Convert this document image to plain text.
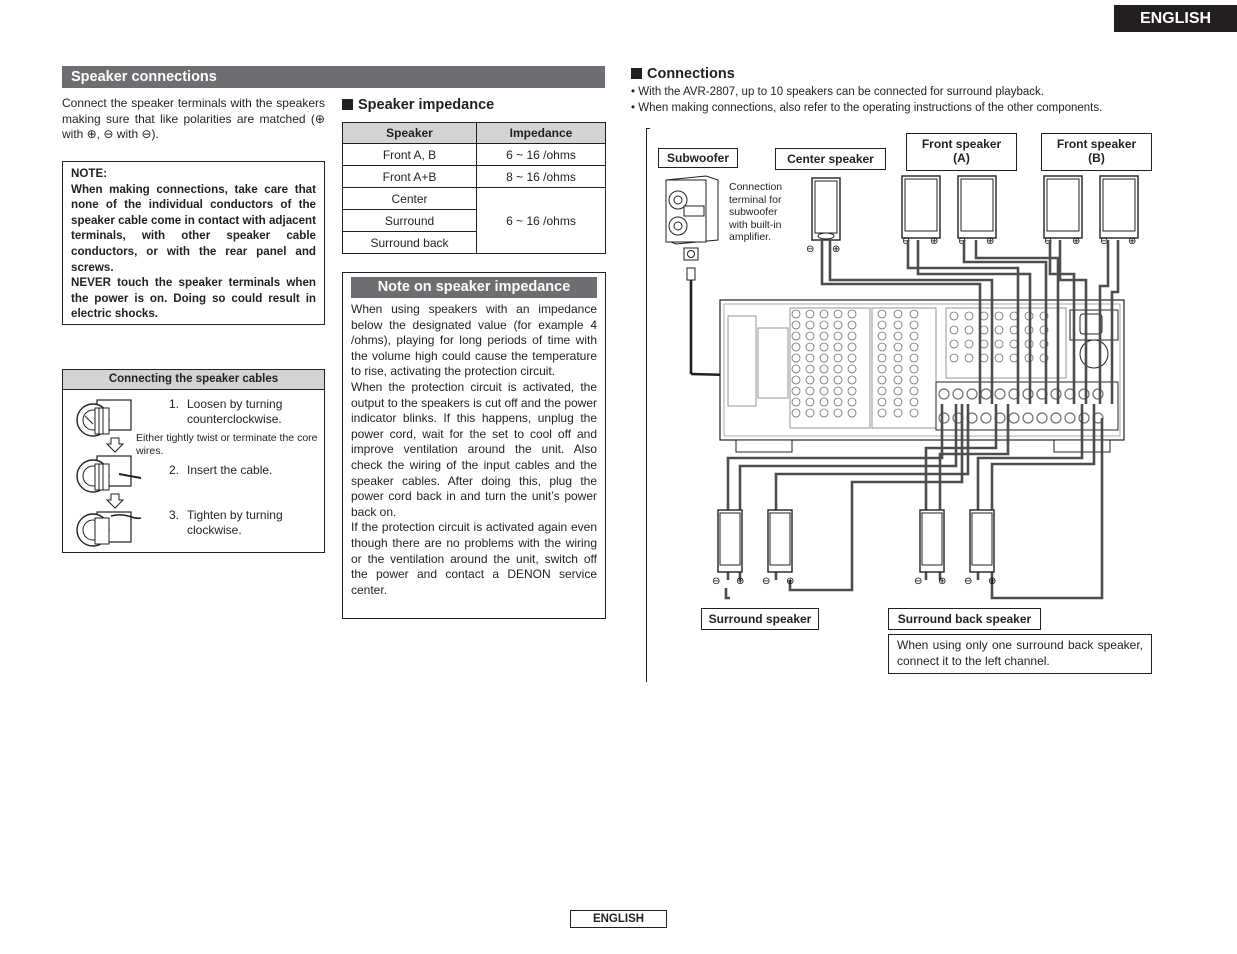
ENGLISH
Speaker connections
Connect the speaker terminals with the speakers making sure that like polarities are matched (⊕ with ⊕, ⊖ with ⊖).
NOTE:
When making connections, take care that none of the individual conductors of the speaker cable come in contact with adjacent terminals, with other speaker cable conductors, or with the rear panel and screws.
NEVER touch the speaker terminals when the power is on. Doing so could result in electric shocks.
Connecting the speaker cables
1. Loosen by turning counterclockwise.
Either tightly twist or terminate the core wires.
2. Insert the cable.
3. Tighten by turning clockwise.
Speaker impedance
Speaker	Impedance
Front A, B	6 ~ 16 /ohms
Front A+B	8 ~ 16 /ohms
Center	6 ~ 16 /ohms
Surround	
Surround back	
Note on speaker impedance
When using speakers with an impedance below the designated value (for example 4 /ohms), playing for long periods of time with the volume high could cause the temperature to rise, activating the protection circuit.
When the protection circuit is activated, the output to the speakers is cut off and the power indicator blinks. If this happens, unplug the power cord, wait for the set to cool off and improve ventilation around the unit. Also check the wiring of the input cables and the speaker cables. After doing this, plug the power cord back in and turn the unit’s power back on.
If the protection circuit is activated again even though there are no problems with the wiring or the ventilation around the unit, switch off the power and contact a DENON service center.
Connections
• With the AVR-2807, up to 10 speakers can be connected for surround playback.
• When making connections, also refer to the operating instructions of the other components.
⊖ ⊕
⊖ ⊕ ⊖ ⊕	⊖ ⊕ ⊖ ⊕
⊖ ⊕ ⊖ ⊕	⊖ ⊕ ⊖ ⊕
Subwoofer	Center speaker
Front speaker
(A)
Front speaker
(B)
Connection
terminal for
subwoofer
with built-in
amplifier.
Surround speaker	Surround back speaker
When using only one surround back speaker, connect it to the left channel.
ENGLISH
